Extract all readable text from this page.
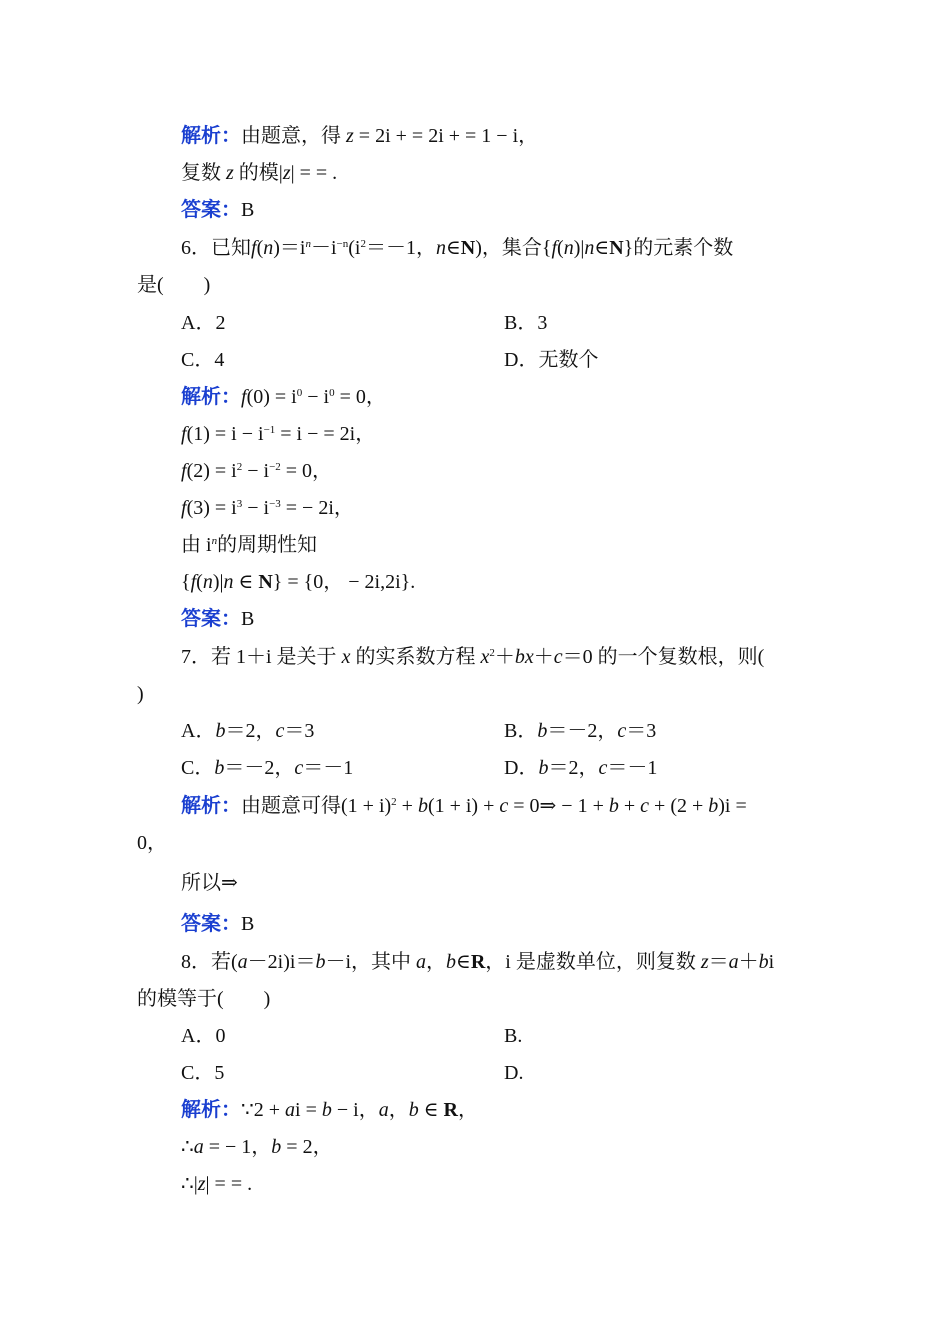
解析：由题意，得 z = 2i + = 2i + = 1 − i，
复数 z 的模|z| = = .
答案：B
6．已知$f(n)=i^n-i^{-n}(i^2=-1$，n∈N)，集合{f(n)|n∈N}的元素个数
是(　　)
A．2	B．3
C．4	D．无数个
解析：$f(0) = i^0 - i^0 = 0$，
$f(1) = i - i^{-1} = i$ − = 2i，
$f(2) = i^2 - i^{-2} = 0$，
$f(3) = i^3 - i^{-3}$ = − 2i，
由 $i^n$的周期性知
{f(n)|n ∈ N} = {0， − 2i,2i}.
答案：B
7．若 1＋i 是关于 x 的实系数方程 $x^2+bx+c=0$ 的一个复数根，则(
)
A．b＝2，c＝3	B．b＝－2，c＝3
C．b＝－2，c＝－1	D．b＝2，c＝－1
解析：由题意可得$(1 + i)^2 + b(1 + i) + c$ = 0⇒ − 1 + b + c + (2 + b)i =
0，
所以⇒
答案：B
8．若(a－2i)i＝b－i，其中 a，b∈R，i 是虚数单位，则复数 z＝a＋bi
的模等于(　　)
A．0	B.
C．5	D.
解析：∵2 + ai = b − i，a，b ∈ R，
∴a = − 1，b = 2，
∴|z| = = .
